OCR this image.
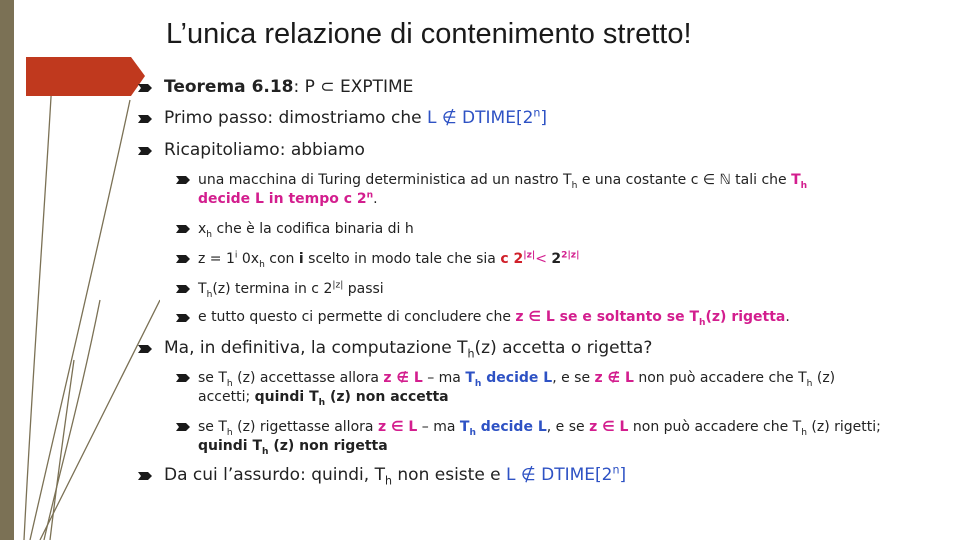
L’unica relazione di contenimento stretto!
Teorema 6.18: P ⊂ EXPTIME
Primo passo: dimostriamo che L ∉ DTIME[2$^n$]
Ricapitoliamo: abbiamo
una macchina di Turing deterministica ad un nastro $T_h$ e una costante c ∈ ℕ tali che $T_h$
decide L in tempo c 2$^n$.
$x_h$ che è la codifica binaria di h
$z = 1^i$ $0x_h$ con i scelto in modo tale che sia c $2^{|z|}< 2^{2|z|}$
$T_h(z)$ termina in c $2^{|z|}$ passi
e tutto questo ci permette di concludere che z ∈ L se e soltanto se $T_h(z)$ rigetta.
Ma, in definitiva, la computazione $T_h(z)$ accetta o rigetta?
se $T_h$ (z) accettasse allora z ∉ L – ma $T_h$ decide L, e se z ∉ L non può accadere che $T_h$ (z)
accetti; quindi $T_h$ (z) non accetta
se $T_h$ (z) rigettasse allora z ∈ L – ma $T_h$ decide L, e se z ∈ L non può accadere che $T_h$ (z) rigetti;
quindi $T_h$ (z) non rigetta
Da cui l’assurdo: quindi, $T_h$ non esiste e L ∉ DTIME[2$^n$]
